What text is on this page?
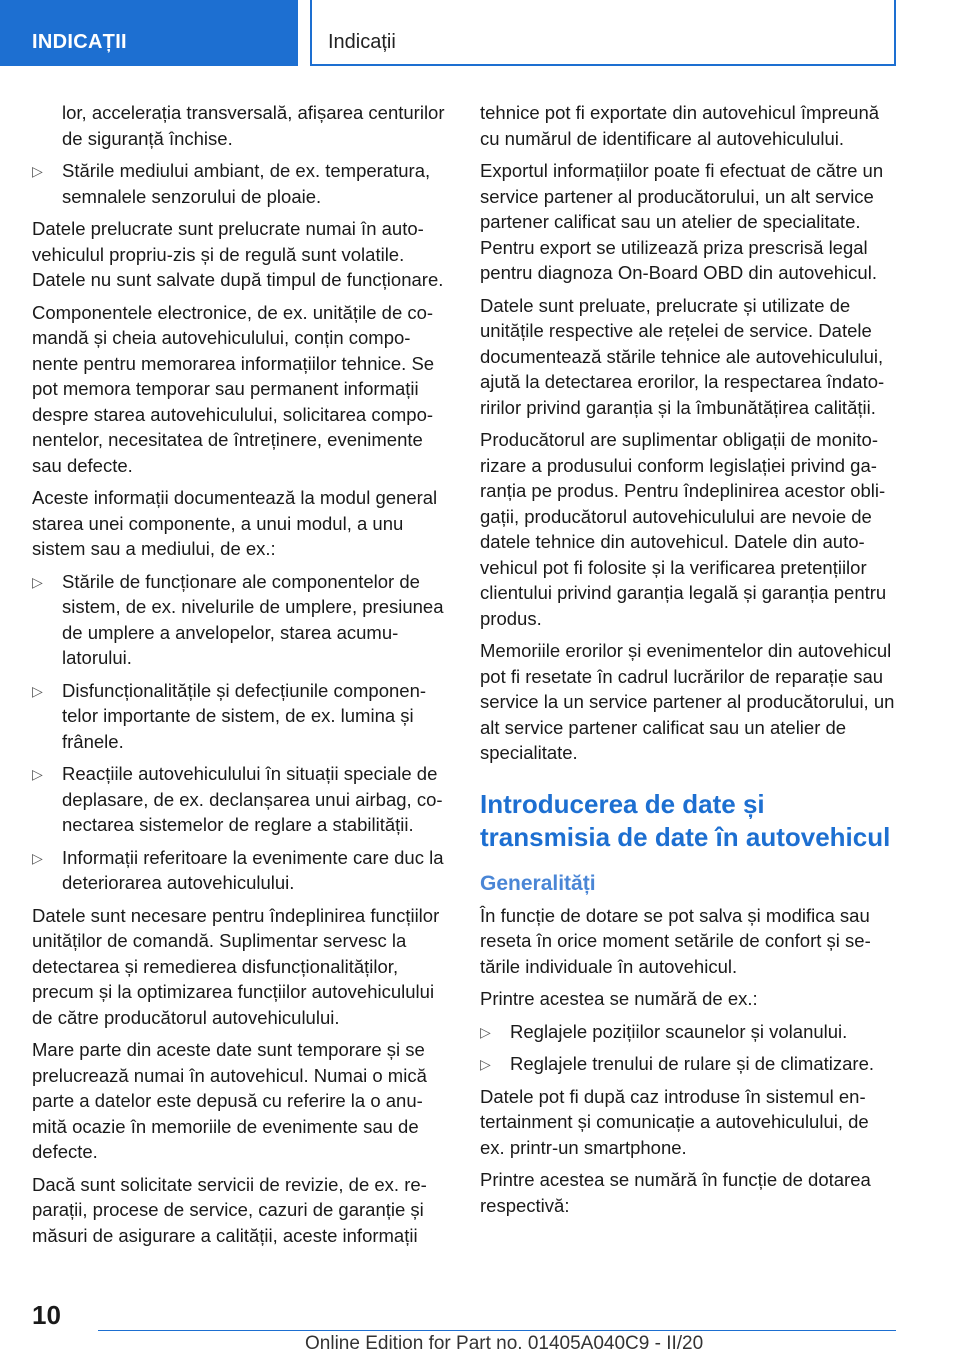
INDICAȚII	Indicații
lor, accelerația transversală, afișarea centurilor de siguranță închise.
▷ Stările mediului ambiant, de ex. temperatura, semnalele senzorului de ploaie.
Datele prelucrate sunt prelucrate numai în autovehiculul propriu-zis și de regulă sunt volatile. Datele nu sunt salvate după timpul de funcționare.
Componentele electronice, de ex. unitățile de comandă și cheia autovehiculului, conțin componente pentru memorarea informațiilor tehnice. Se pot memora temporar sau permanent informații despre starea autovehiculului, solicitarea componentelor, necesitatea de întreținere, evenimente sau defecte.
Aceste informații documentează la modul general starea unei componente, a unui modul, a unu sistem sau a mediului, de ex.:
▷ Stările de funcționare ale componentelor de sistem, de ex. nivelurile de umplere, presiunea de umplere a anvelopelor, starea acumulatorului.
▷ Disfuncționalitățile și defecțiunile componentelor importante de sistem, de ex. lumina și frânele.
▷ Reacțiile autovehiculului în situații speciale de deplasare, de ex. declanșarea unui airbag, conectarea sistemelor de reglare a stabilității.
▷ Informații referitoare la evenimente care duc la deteriorarea autovehiculului.
Datele sunt necesare pentru îndeplinirea funcțiilor unităților de comandă. Suplimentar servesc la detectarea și remedierea disfuncționalităților, precum și la optimizarea funcțiilor autovehiculului de către producătorul autovehiculului.
Mare parte din aceste date sunt temporare și se prelucrează numai în autovehicul. Numai o mică parte a datelor este depusă cu referire la o anumită ocazie în memoriile de evenimente sau de defecte.
Dacă sunt solicitate servicii de revizie, de ex. reparații, procese de service, cazuri de garanție și măsuri de asigurare a calității, aceste informații
tehnice pot fi exportate din autovehicul împreună cu numărul de identificare al autovehiculului.
Exportul informațiilor poate fi efectuat de către un service partener al producătorului, un alt service partener calificat sau un atelier de specialitate. Pentru export se utilizează priza prescrisă legal pentru diagnoza On-Board OBD din autovehicul.
Datele sunt preluate, prelucrate și utilizate de unitățile respective ale rețelei de service. Datele documentează stările tehnice ale autovehiculului, ajută la detectarea erorilor, la respectarea îndatoririlor privind garanția și la îmbunătățirea calității.
Producătorul are suplimentar obligații de monitorizare a produsului conform legislației privind garanția pe produs. Pentru îndeplinirea acestor obligații, producătorul autovehiculului are nevoie de datele tehnice din autovehicul. Datele din autovehicul pot fi folosite și la verificarea pretențiilor clientului privind garanția legală și garanția pentru produs.
Memoriile erorilor și evenimentelor din autovehicul pot fi resetate în cadrul lucrărilor de reparație sau service la un service partener al producătorului, un alt service partener calificat sau un atelier de specialitate.
Introducerea de date și transmisia de date în autovehicul
Generalități
În funcție de dotare se pot salva și modifica sau reseta în orice moment setările de confort și setările individuale în autovehicul.
Printre acestea se numără de ex.:
▷ Reglajele pozițiilor scaunelor și volanului.
▷ Reglajele trenului de rulare și de climatizare.
Datele pot fi după caz introduse în sistemul entertainment și comunicație a autovehiculului, de ex. printr-un smartphone.
Printre acestea se numără în funcție de dotarea respectivă:
10
Online Edition for Part no. 01405A040C9 - II/20
